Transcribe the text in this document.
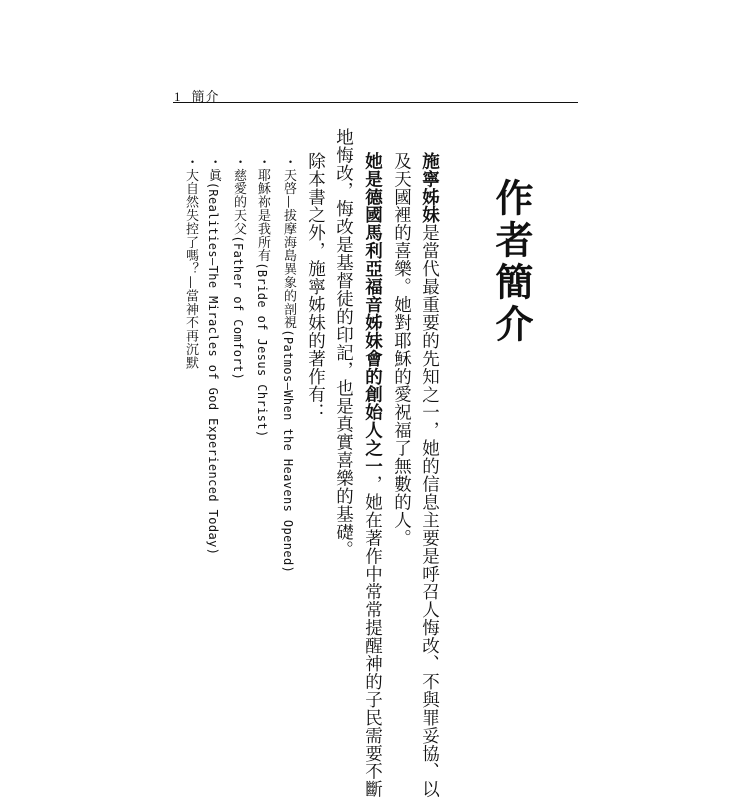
1 簡介
作者簡介
施寧姊妹是當代最重要的先知之一，她的信息主要是呼召人悔改、不與罪妥協、以
及天國裡的喜樂。她對耶穌的愛祝福了無數的人。
她是德國馬利亞福音姊妹會的創始人之一，她在著作中常常提醒神的子民需要不斷
地悔改，悔改是基督徒的印記，也是真實喜樂的基礎。
除本書之外，施寧姊妹的著作有：
・天啓—拔摩海島異象的剖視(Patmos—When the Heavens Opened)
・耶穌祢是我所有(Bride of Jesus Christ)
・慈愛的天父(Father of Comfort)
・眞(Realities—The Miracles of God Experienced Today)
・大自然失控了嗎？—當神不再沉默
